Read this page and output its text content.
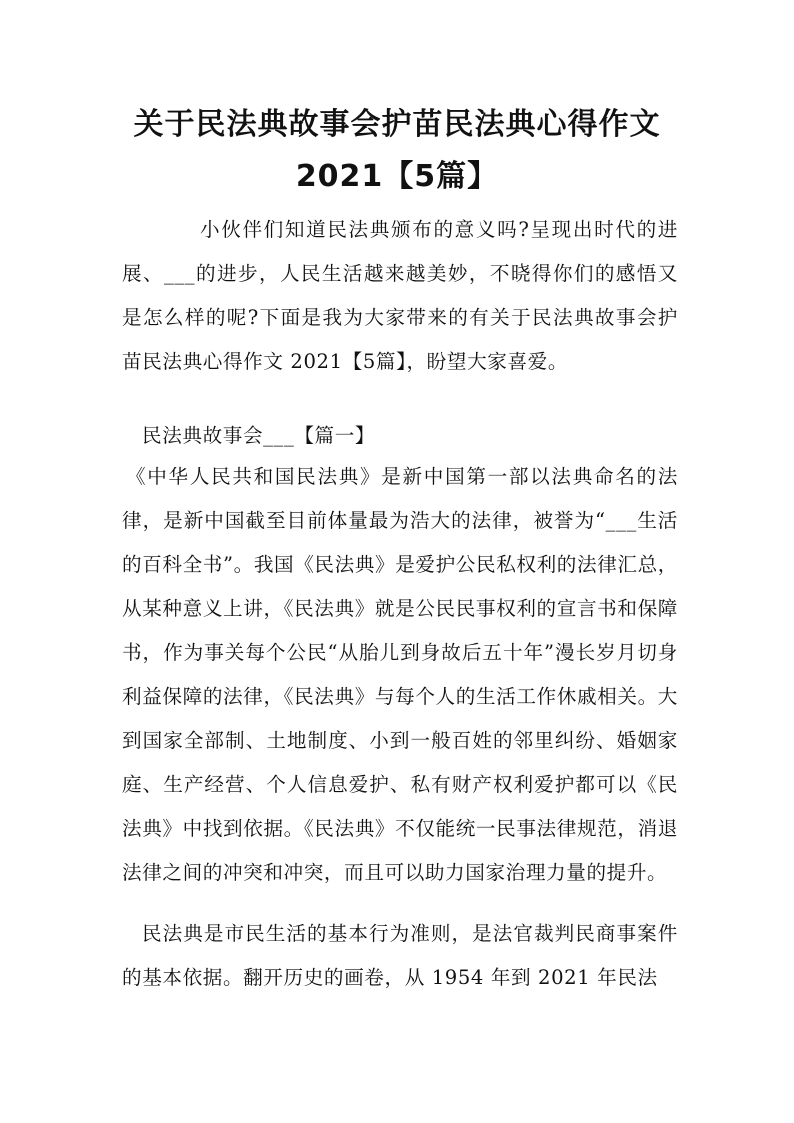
关于民法典故事会护苗民法典心得作文
2021【5篇】

小伙伴们知道民法典颁布的意义吗?呈现出时代的进展、___的进步，人民生活越来越美妙，不晓得你们的感悟又是怎么样的呢?下面是我为大家带来的有关于民法典故事会护苗民法典心得作文 2021【5篇】，盼望大家喜爱。

民法典故事会___【篇一】

《中华人民共和国民法典》是新中国第一部以法典命名的法律，是新中国截至目前体量最为浩大的法律，被誉为“___生活的百科全书”。我国《民法典》是爱护公民私权利的法律汇总，从某种意义上讲，《民法典》就是公民民事权利的宣言书和保障书，作为事关每个公民“从胎儿到身故后五十年”漫长岁月切身利益保障的法律，《民法典》与每个人的生活工作休戚相关。大到国家全部制、土地制度、小到一般百姓的邻里纠纷、婚姻家庭、生产经营、个人信息爱护、私有财产权利爱护都可以《民法典》中找到依据。《民法典》不仅能统一民事法律规范，消退法律之间的冲突和冲突，而且可以助力国家治理力量的提升。

民法典是市民生活的基本行为准则，是法官裁判民商事案件的基本依据。翻开历史的画卷，从 1954 年到 2021 年民法
